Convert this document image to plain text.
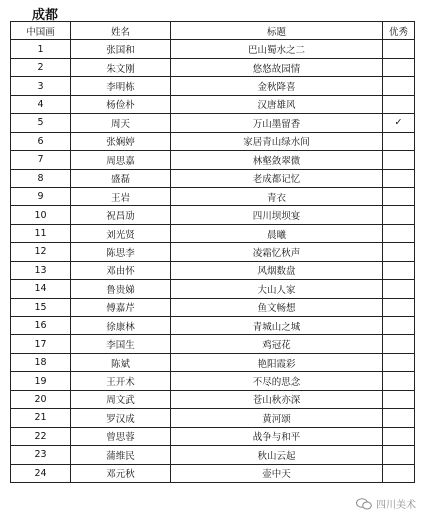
成都
中国画	姓名	标题	优秀
1	张国和	巴山蜀水之二	
2	朱文刚	悠悠故园情	
3	李明栋	金秋降喜	
4	杨俭朴	汉唐雄风	
5	周天	万山墨留香	✓
6	张娴婷	家居青山绿水间	
7	周思嘉	林壑敛翠微	
8	盛磊	老成都记忆	
9	王岩	青衣	
10	祝昌劢	四川坝坝宴	
11	刘光贤	晨曦	
12	陈思李	凌霜忆秋声	
13	邓由怀	风烟数盘	
14	鲁贵娣	大山人家	
15	傅嘉芹	鱼文畅想	
16	徐康林	青城山之城	
17	李国生	鸡冠花	
18	陈斌	艳阳霞彩	
19	王开术	不尽的思念	
20	周文武	苍山秋亦深	
21	罗汉成	黄河颂	
22	曾思蓉	战争与和平	
23	蒲维民	秋山云起	
24	邓元秋	壶中天	
四川美术
